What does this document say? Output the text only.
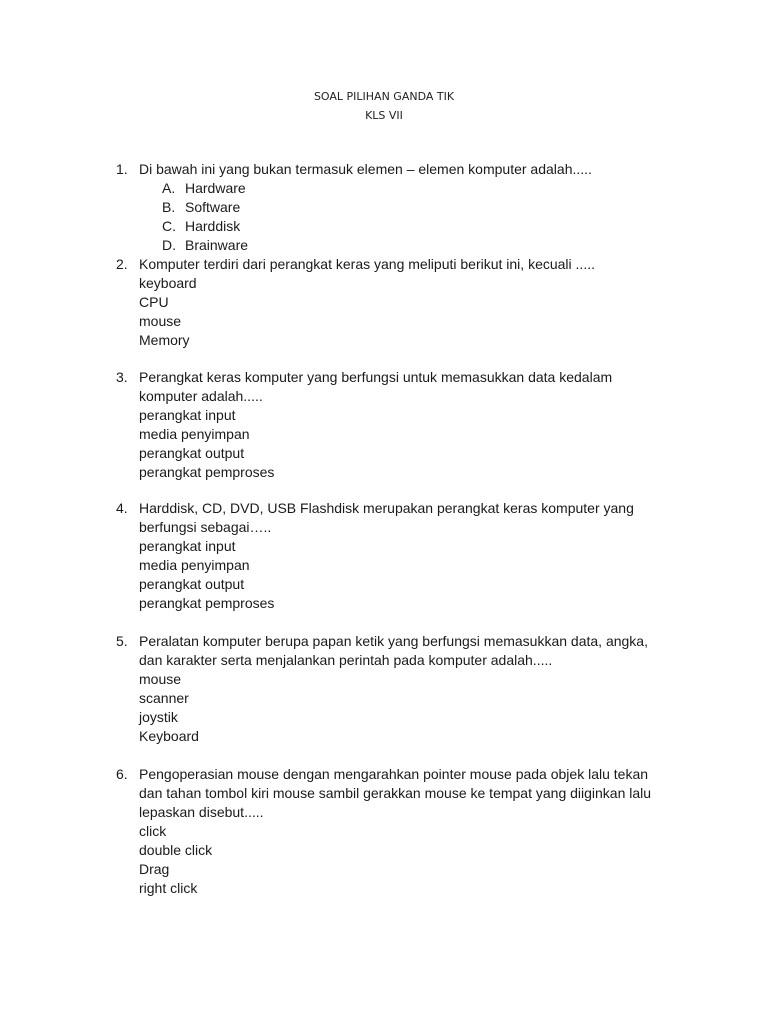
SOAL PILIHAN GANDA TIK
KLS VII
1. Di bawah ini yang bukan termasuk elemen – elemen komputer adalah.....
A. Hardware
B. Software
C. Harddisk
D. Brainware
2. Komputer terdiri dari perangkat keras yang meliputi berikut ini, kecuali .....
keyboard
CPU
mouse
Memory
3. Perangkat keras komputer yang berfungsi untuk memasukkan data kedalam
komputer adalah.....
perangkat input
media penyimpan
perangkat output
perangkat pemproses
4. Harddisk, CD, DVD, USB Flashdisk merupakan perangkat keras komputer yang
berfungsi sebagai…..
perangkat input
media penyimpan
perangkat output
perangkat pemproses
5. Peralatan komputer berupa papan ketik yang berfungsi memasukkan data, angka,
dan karakter serta menjalankan perintah pada komputer adalah.....
mouse
scanner
joystik
Keyboard
6. Pengoperasian mouse dengan mengarahkan pointer mouse pada objek lalu tekan
dan tahan tombol kiri mouse sambil gerakkan mouse ke tempat yang diiginkan lalu
lepaskan disebut.....
click
double click
Drag
right click
